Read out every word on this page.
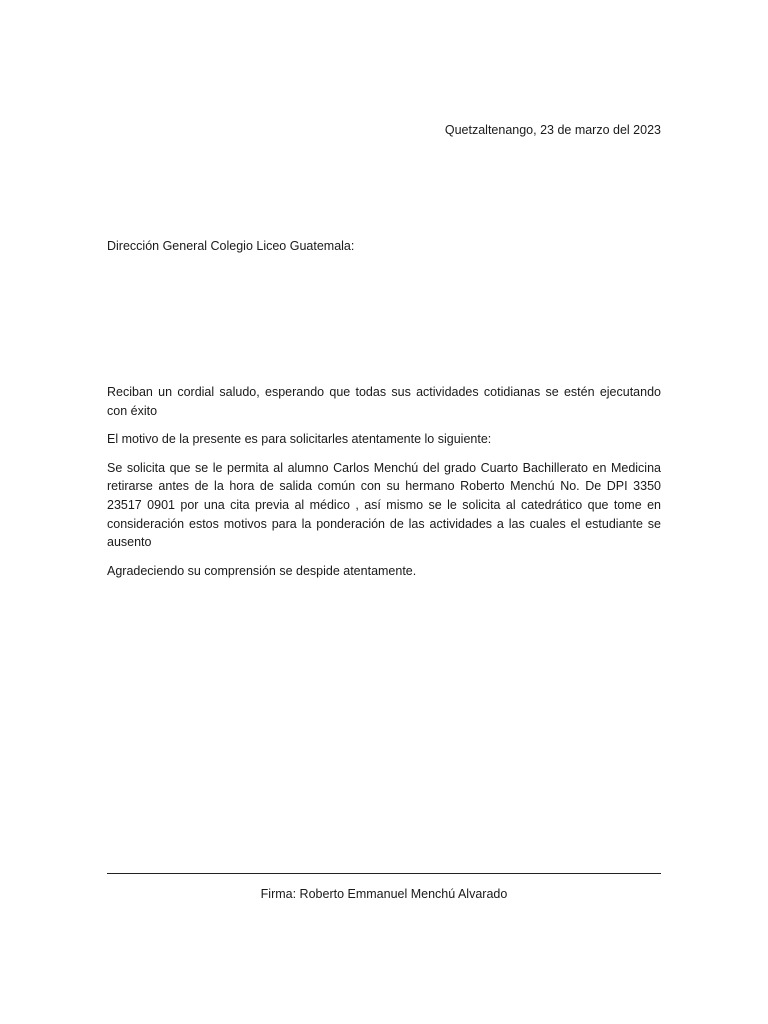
Quetzaltenango, 23 de marzo del 2023
Dirección General Colegio Liceo Guatemala:

Reciban un cordial saludo, esperando que todas sus actividades cotidianas se estén ejecutando con éxito

El motivo de la presente es para solicitarles atentamente lo siguiente:

Se solicita que se le permita al alumno Carlos Menchú del grado Cuarto Bachillerato en Medicina retirarse antes de la hora de salida común con su hermano Roberto Menchú No. De DPI 3350 23517 0901 por una cita previa al médico , así mismo se le solicita al catedrático que tome en consideración estos motivos para la ponderación de las actividades a las cuales el estudiante se ausento

Agradeciendo su comprensión se despide atentamente.

Firma: Roberto Emmanuel Menchú Alvarado
